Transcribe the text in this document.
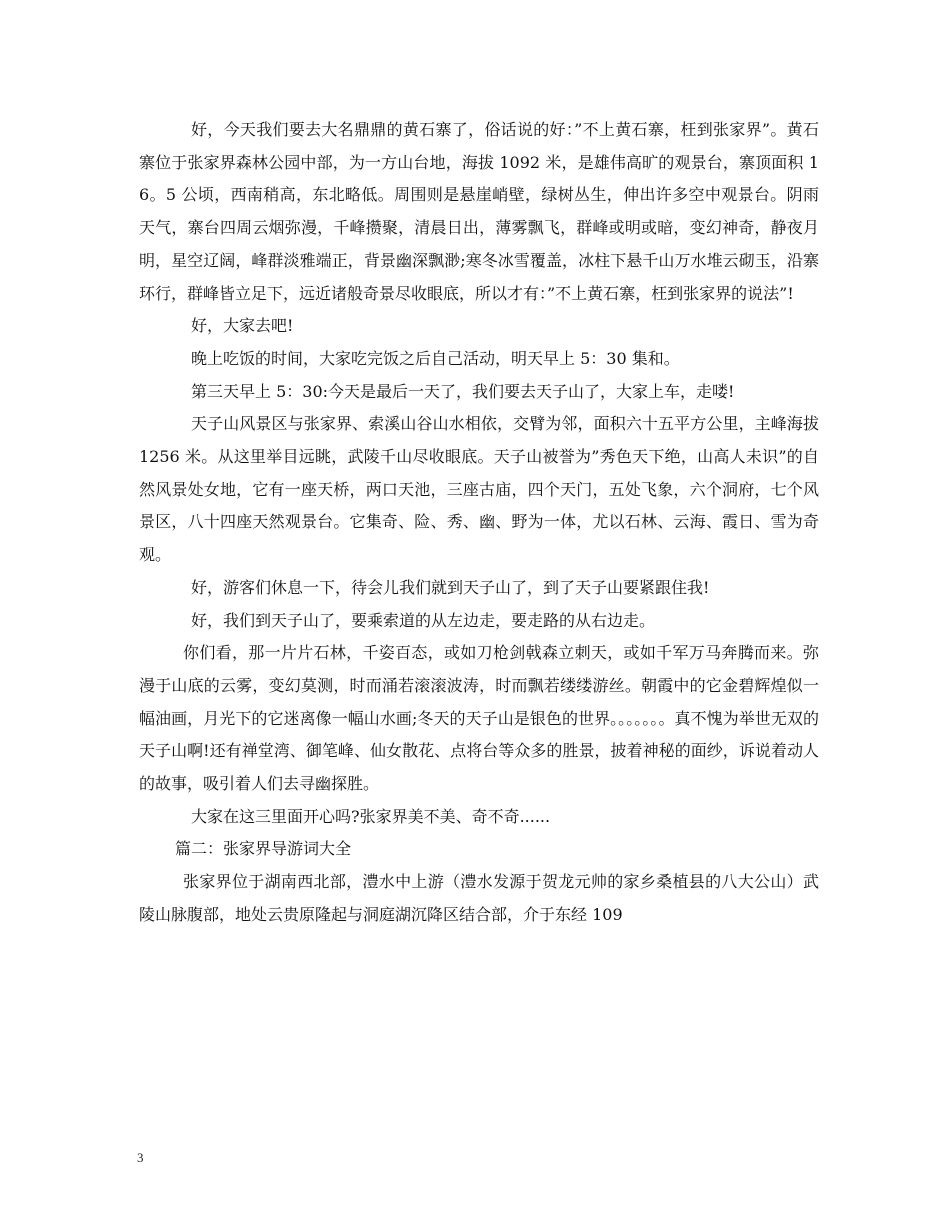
好，今天我们要去大名鼎鼎的黄石寨了，俗话说的好：”不上黄石寨，枉到张家界”。黄石寨位于张家界森林公园中部，为一方山台地，海拔 1092 米，是雄伟高旷的观景台，寨顶面积 16。5 公顷，西南稍高，东北略低。周围则是悬崖峭壁，绿树丛生，伸出许多空中观景台。阴雨天气，寨台四周云烟弥漫，千峰攒聚，清晨日出，薄雾飘飞，群峰或明或暗，变幻神奇，静夜月明，星空辽阔，峰群淡雅端正，背景幽深飘渺;寒冬冰雪覆盖，冰柱下悬千山万水堆云砌玉，沿寨环行，群峰皆立足下，远近诸般奇景尽收眼底，所以才有：”不上黄石寨，枉到张家界的说法”!

好，大家去吧!

晚上吃饭的时间，大家吃完饭之后自己活动，明天早上 5：30 集和。

第三天早上 5：30:今天是最后一天了，我们要去天子山了，大家上车，走喽!

天子山风景区与张家界、索溪山谷山水相依，交臂为邻，面积六十五平方公里，主峰海拔 1256 米。从这里举目远眺，武陵千山尽收眼底。天子山被誉为”秀色天下绝，山高人未识”的自然风景处女地，它有一座天桥，两口天池，三座古庙，四个天门，五处飞象，六个洞府，七个风景区，八十四座天然观景台。它集奇、险、秀、幽、野为一体，尤以石林、云海、霞日、雪为奇观。

好，游客们休息一下，待会儿我们就到天子山了，到了天子山要紧跟住我!

好，我们到天子山了，要乘索道的从左边走，要走路的从右边走。

你们看，那一片片石林，千姿百态，或如刀枪剑戟森立刺天，或如千军万马奔腾而来。弥漫于山底的云雾，变幻莫测，时而涌若滚滚波涛，时而飘若缕缕游丝。朝霞中的它金碧辉煌似一幅油画，月光下的它迷离像一幅山水画;冬天的天子山是银色的世界。。。。。。。真不愧为举世无双的天子山啊!还有禅堂湾、御笔峰、仙女散花、点将台等众多的胜景，披着神秘的面纱，诉说着动人的故事，吸引着人们去寻幽探胜。

大家在这三里面开心吗?张家界美不美、奇不奇......

篇二：张家界导游词大全

张家界位于湖南西北部，澧水中上游（澧水发源于贺龙元帅的家乡桑植县的八大公山）武陵山脉腹部，地处云贵原隆起与洞庭湖沉降区结合部，介于东经 109

3
